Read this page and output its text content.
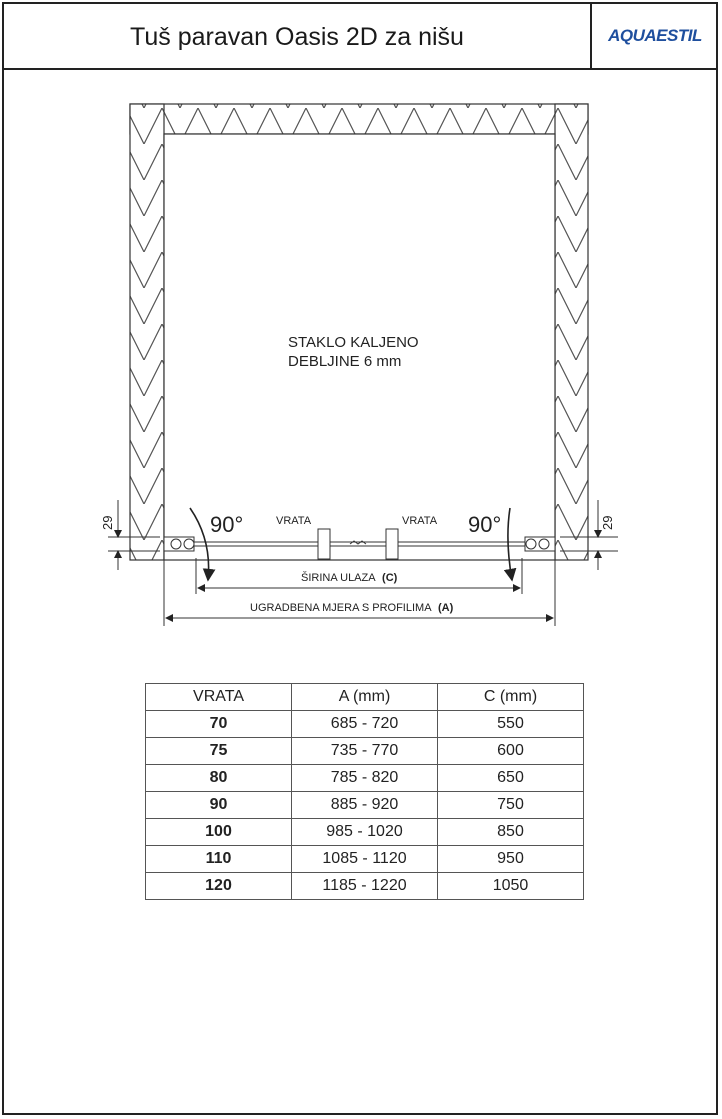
Tuš paravan Oasis 2D za nišu	AQUAESTIL
STAKLO KALJENO
DEBLJINE 6 mm
VRATA	VRATA
90°	90°
29	29
ŠIRINA ULAZA (C)
UGRADBENA MJERA S PROFILIMA (A)
VRATA	A (mm)	C (mm)
70	685 - 720	550
75	735 - 770	600
80	785 - 820	650
90	885 - 920	750
100	985 - 1020	850
110	1085 - 1120	950
120	1185 - 1220	1050
